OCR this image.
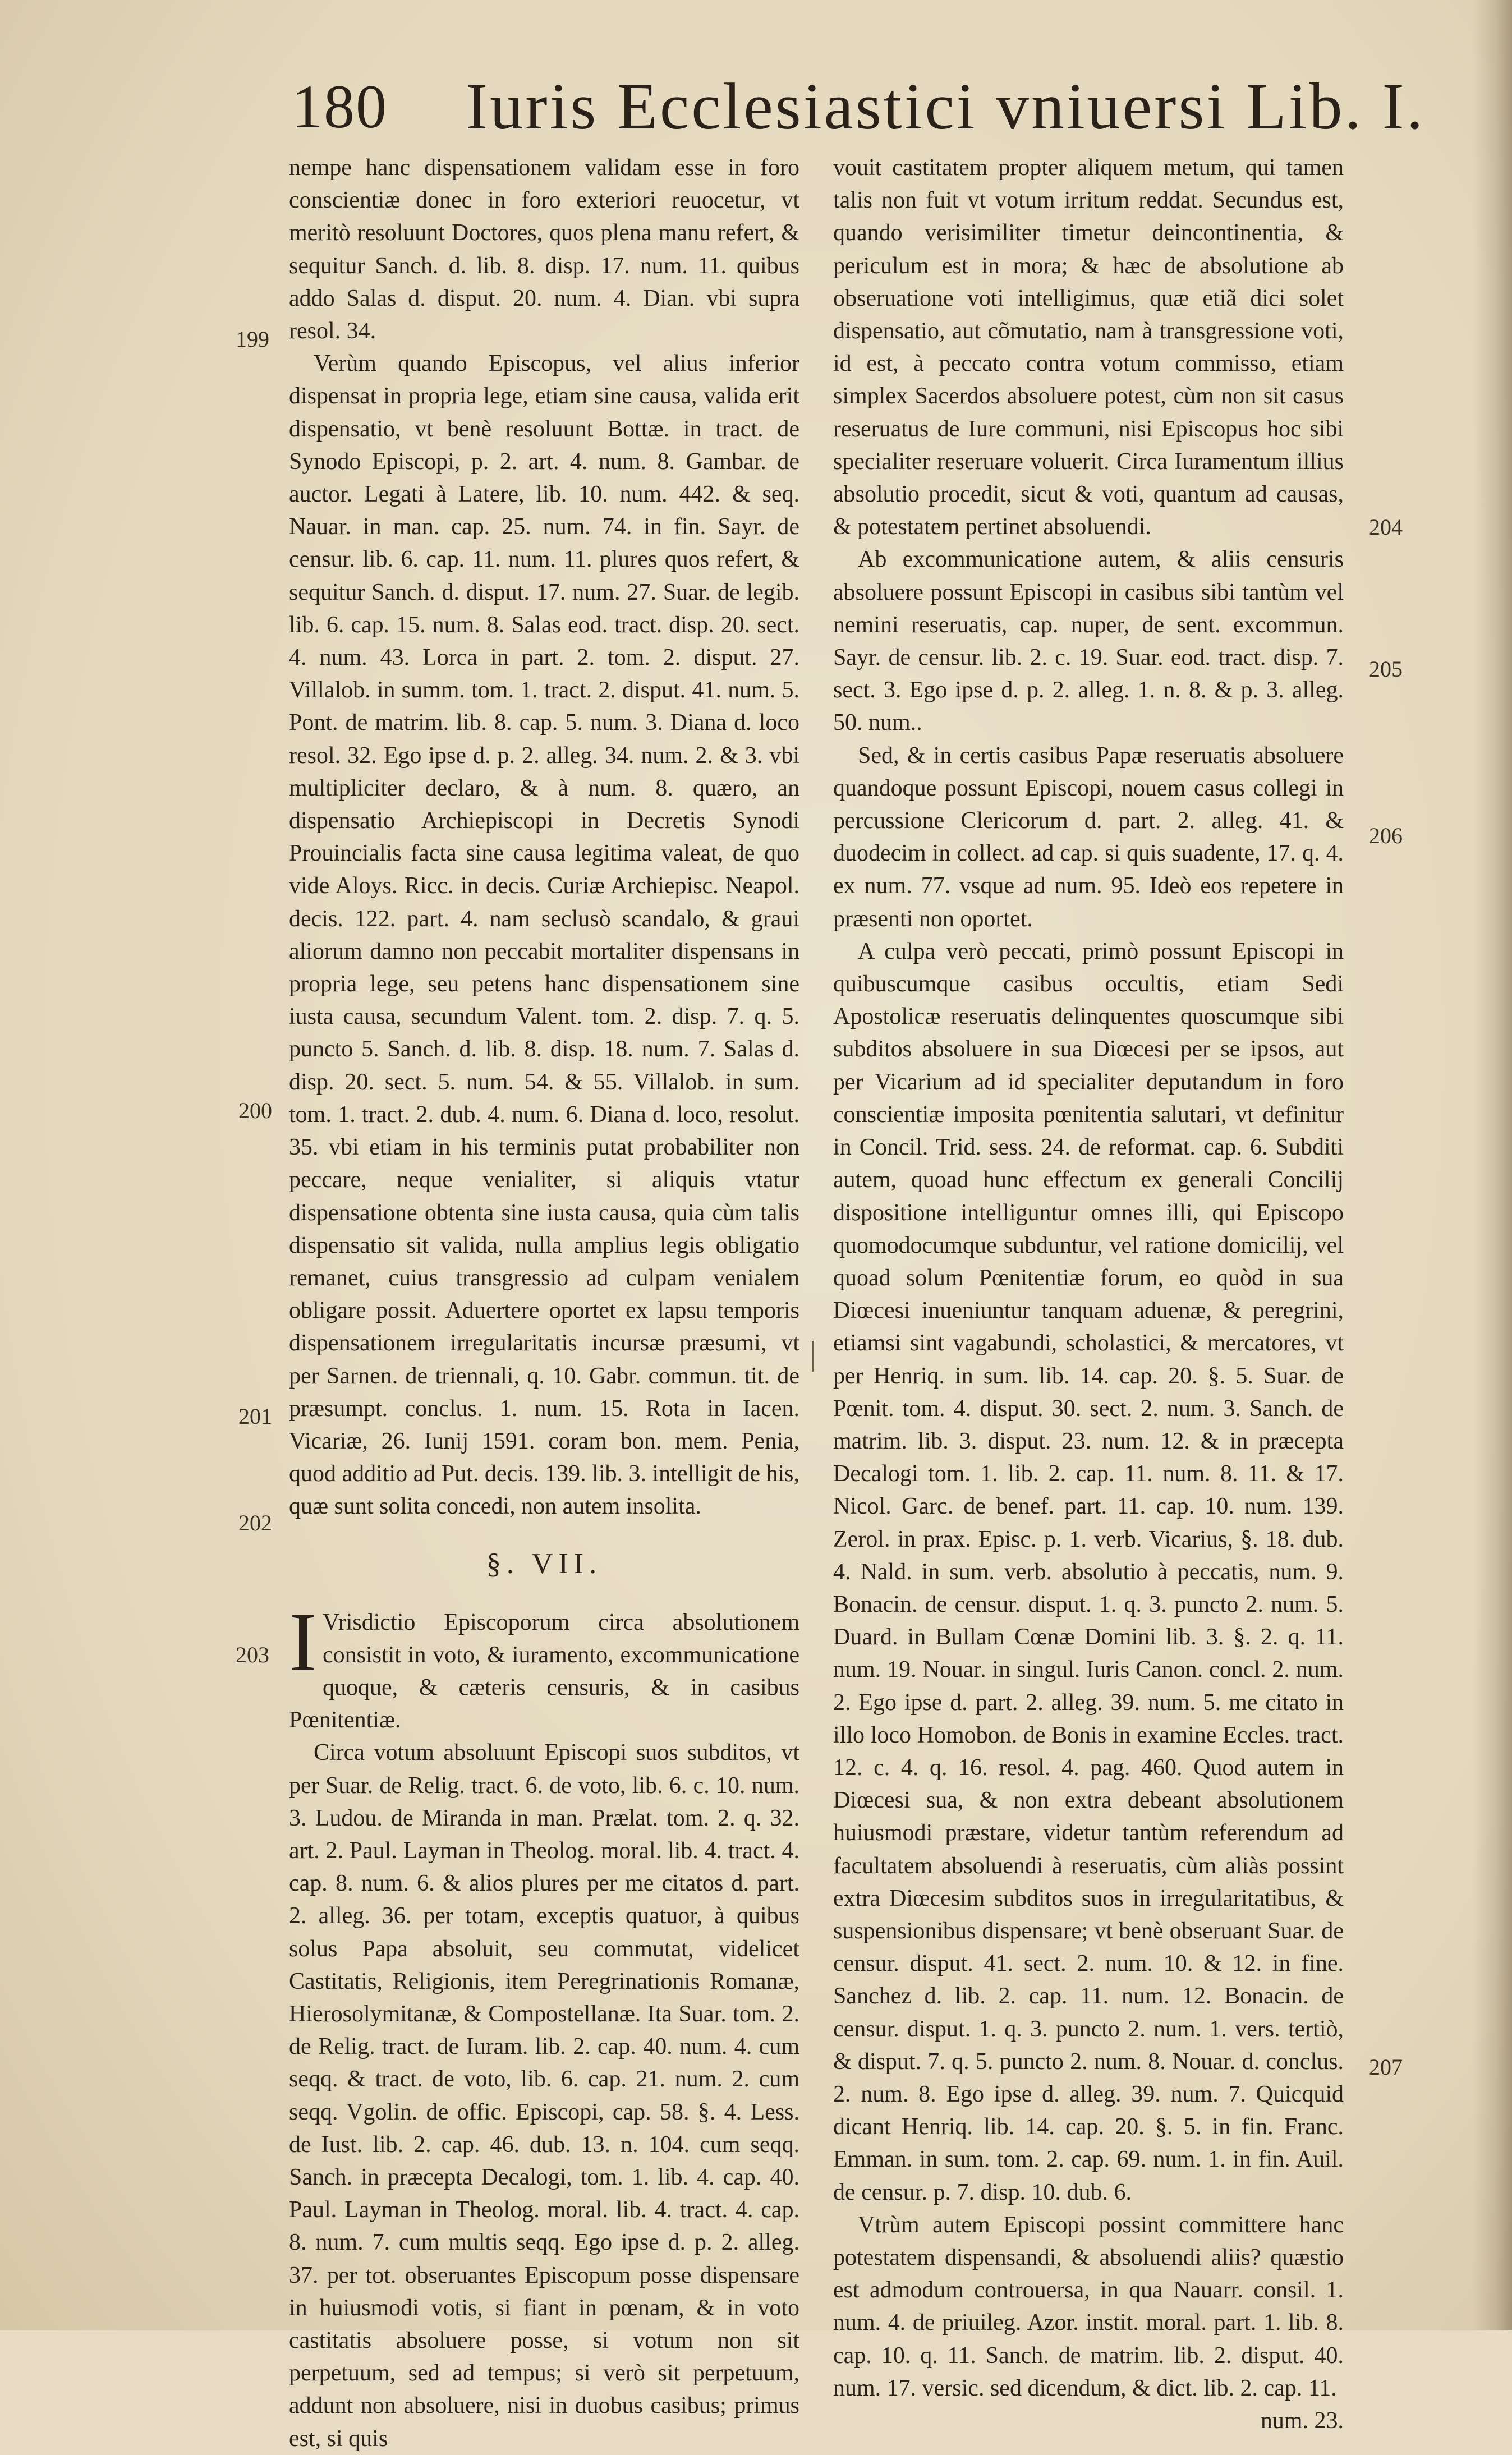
180 Iuris Ecclesiastici vniuersi Lib. I.
199
200
201
202
203
204
205
206
207

nempe hanc dispensationem validam esse in foro conscientiæ donec in foro exteriori reuocetur, vt meritò resoluunt Doctores, quos plena manu refert, & sequitur Sanch. d. lib. 8. disp. 17. num. 11. quibus addo Salas d. disput. 20. num. 4. Dian. vbi supra resol. 34.

Verùm quando Episcopus, vel alius inferior dispensat in propria lege, etiam sine causa, valida erit dispensatio, vt benè resoluunt Bottæ. in tract. de Synodo Episcopi, p. 2. art. 4. num. 8. Gambar. de auctor. Legati à Latere, lib. 10. num. 442. & seq. Nauar. in man. cap. 25. num. 74. in fin. Sayr. de censur. lib. 6. cap. 11. num. 11. plures quos refert, & sequitur Sanch. d. disput. 17. num. 27. Suar. de legib. lib. 6. cap. 15. num. 8. Salas eod. tract. disp. 20. sect. 4. num. 43. Lorca in part. 2. tom. 2. disput. 27. Villalob. in summ. tom. 1. tract. 2. disput. 41. num. 5. Pont. de matrim. lib. 8. cap. 5. num. 3. Diana d. loco resol. 32. Ego ipse d. p. 2. alleg. 34. num. 2. & 3. vbi multipliciter declaro, & à num. 8. quæro, an dispensatio Archiepiscopi in Decretis Synodi Prouincialis facta sine causa legitima valeat, de quo vide Aloys. Ricc. in decis. Curiæ Archiepisc. Neapol. decis. 122. part. 4. nam seclusò scandalo, & graui aliorum damno non peccabit mortaliter dispensans in propria lege, seu petens hanc dispensationem sine iusta causa, secundum Valent. tom. 2. disp. 7. q. 5. puncto 5. Sanch. d. lib. 8. disp. 18. num. 7. Salas d. disp. 20. sect. 5. num. 54. & 55. Villalob. in sum. tom. 1. tract. 2. dub. 4. num. 6. Diana d. loco, resolut. 35. vbi etiam in his terminis putat probabiliter non peccare, neque venialiter, si aliquis vtatur dispensatione obtenta sine iusta causa, quia cùm talis dispensatio sit valida, nulla amplius legis obligatio remanet, cuius transgressio ad culpam venialem obligare possit. Aduertere oportet ex lapsu temporis dispensationem irregularitatis incursæ præsumi, vt per Sarnen. de triennali, q. 10. Gabr. commun. tit. de præsumpt. conclus. 1. num. 15. Rota in Iacen. Vicariæ, 26. Iunij 1591. coram bon. mem. Penia, quod additio ad Put. decis. 139. lib. 3. intelligit de his, quæ sunt solita concedi, non autem insolita.

§. VII.

I Vrisdictio Episcoporum circa absolutionem consistit in voto, & iuramento, excommunicatione quoque, & cæteris censuris, & in casibus Pœnitentiæ.

Circa votum absoluunt Episcopi suos subditos, vt per Suar. de Relig. tract. 6. de voto, lib. 6. c. 10. num. 3. Ludou. de Miranda in man. Prælat. tom. 2. q. 32. art. 2. Paul. Layman in Theolog. moral. lib. 4. tract. 4. cap. 8. num. 6. & alios plures per me citatos d. part. 2. alleg. 36. per totam, exceptis quatuor, à quibus solus Papa absoluit, seu commutat, videlicet Castitatis, Religionis, item Peregrinationis Romanæ, Hierosolymitanæ, & Compostellanæ. Ita Suar. tom. 2. de Relig. tract. de Iuram. lib. 2. cap. 40. num. 4. cum seqq. & tract. de voto, lib. 6. cap. 21. num. 2. cum seqq. Vgolin. de offic. Episcopi, cap. 58. §. 4. Less. de Iust. lib. 2. cap. 46. dub. 13. n. 104. cum seqq. Sanch. in præcepta Decalogi, tom. 1. lib. 4. cap. 40. Paul. Layman in Theolog. moral. lib. 4. tract. 4. cap. 8. num. 7. cum multis seqq. Ego ipse d. p. 2. alleg. 37. per tot. obseruantes Episcopum posse dispensare in huiusmodi votis, si fiant in pœnam, & in voto castitatis absoluere posse, si votum non sit perpetuum, sed ad tempus; si verò sit perpetuum, addunt non absoluere, nisi in duobus casibus; primus est, si quis

vouit castitatem propter aliquem metum, qui tamen talis non fuit vt votum irritum reddat. Secundus est, quando verisimiliter timetur deincontinentia, & periculum est in mora; & hæc de absolutione ab obseruatione voti intelligimus, quæ etiã dici solet dispensatio, aut cõmutatio, nam à transgressione voti, id est, à peccato contra votum commisso, etiam simplex Sacerdos absoluere potest, cùm non sit casus reseruatus de Iure communi, nisi Episcopus hoc sibi specialiter reseruare voluerit. Circa Iuramentum illius absolutio procedit, sicut & voti, quantum ad causas, & potestatem pertinet absoluendi.

Ab excommunicatione autem, & aliis censuris absoluere possunt Episcopi in casibus sibi tantùm vel nemini reseruatis, cap. nuper, de sent. excommun. Sayr. de censur. lib. 2. c. 19. Suar. eod. tract. disp. 7. sect. 3. Ego ipse d. p. 2. alleg. 1. n. 8. & p. 3. alleg. 50. num..

Sed, & in certis casibus Papæ reseruatis absoluere quandoque possunt Episcopi, nouem casus collegi in percussione Clericorum d. part. 2. alleg. 41. & duodecim in collect. ad cap. si quis suadente, 17. q. 4. ex num. 77. vsque ad num. 95. Ideò eos repetere in præsenti non oportet.

A culpa verò peccati, primò possunt Episcopi in quibuscumque casibus occultis, etiam Sedi Apostolicæ reseruatis delinquentes quoscumque sibi subditos absoluere in sua Diœcesi per se ipsos, aut per Vicarium ad id specialiter deputandum in foro conscientiæ imposita pœnitentia salutari, vt definitur in Concil. Trid. sess. 24. de reformat. cap. 6. Subditi autem, quoad hunc effectum ex generali Concilij dispositione intelliguntur omnes illi, qui Episcopo quomodocumque subduntur, vel ratione domicilij, vel quoad solum Pœnitentiæ forum, eo quòd in sua Diœcesi inueniuntur tanquam aduenæ, & peregrini, etiamsi sint vagabundi, scholastici, & mercatores, vt per Henriq. in sum. lib. 14. cap. 20. §. 5. Suar. de Pœnit. tom. 4. disput. 30. sect. 2. num. 3. Sanch. de matrim. lib. 3. disput. 23. num. 12. & in præcepta Decalogi tom. 1. lib. 2. cap. 11. num. 8. 11. & 17. Nicol. Garc. de benef. part. 11. cap. 10. num. 139. Zerol. in prax. Episc. p. 1. verb. Vicarius, §. 18. dub. 4. Nald. in sum. verb. absolutio à peccatis, num. 9. Bonacin. de censur. disput. 1. q. 3. puncto 2. num. 5. Duard. in Bullam Cœnæ Domini lib. 3. §. 2. q. 11. num. 19. Nouar. in singul. Iuris Canon. concl. 2. num. 2. Ego ipse d. part. 2. alleg. 39. num. 5. me citato in illo loco Homobon. de Bonis in examine Eccles. tract. 12. c. 4. q. 16. resol. 4. pag. 460. Quod autem in Diœcesi sua, & non extra debeant absolutionem huiusmodi præstare, videtur tantùm referendum ad facultatem absoluendi à reseruatis, cùm aliàs possint extra Diœcesim subditos suos in irregularitatibus, & suspensionibus dispensare; vt benè obseruant Suar. de censur. disput. 41. sect. 2. num. 10. & 12. in fine. Sanchez d. lib. 2. cap. 11. num. 12. Bonacin. de censur. disput. 1. q. 3. puncto 2. num. 1. vers. tertiò, & disput. 7. q. 5. puncto 2. num. 8. Nouar. d. conclus. 2. num. 8. Ego ipse d. alleg. 39. num. 7. Quicquid dicant Henriq. lib. 14. cap. 20. §. 5. in fin. Franc. Emman. in sum. tom. 2. cap. 69. num. 1. in fin. Auil. de censur. p. 7. disp. 10. dub. 6.

Vtrùm autem Episcopi possint committere hanc potestatem dispensandi, & absoluendi aliis? quæstio est admodum controuersa, in qua Nauarr. consil. 1. num. 4. de priuileg. Azor. instit. moral. part. 1. lib. 8. cap. 10. q. 11. Sanch. de matrim. lib. 2. disput. 40. num. 17. versic. sed dicendum, & dict. lib. 2. cap. 11.

num. 23.
